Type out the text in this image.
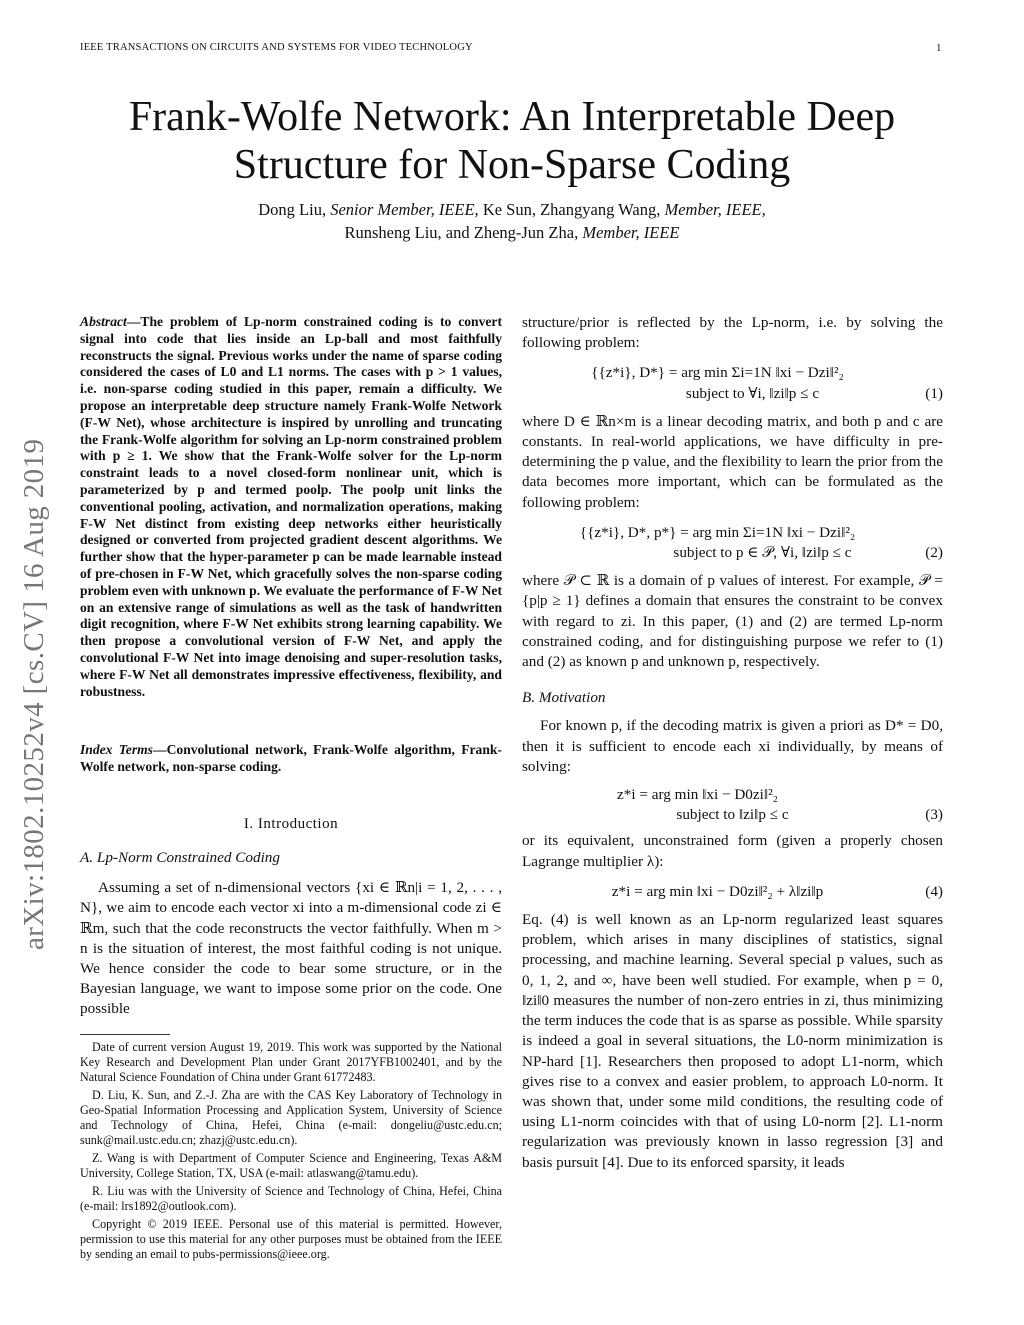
IEEE TRANSACTIONS ON CIRCUITS AND SYSTEMS FOR VIDEO TECHNOLOGY	1
Frank-Wolfe Network: An Interpretable Deep
Structure for Non-Sparse Coding
Dong Liu, Senior Member, IEEE, Ke Sun, Zhangyang Wang, Member, IEEE,
Runsheng Liu, and Zheng-Jun Zha, Member, IEEE
arXiv:1802.10252v4 [cs.CV] 16 Aug 2019
Abstract—The problem of Lp-norm constrained coding is to convert signal into code that lies inside an Lp-ball and most faithfully reconstructs the signal. Previous works under the name of sparse coding considered the cases of L0 and L1 norms. The cases with p > 1 values, i.e. non-sparse coding studied in this paper, remain a difficulty. We propose an interpretable deep structure namely Frank-Wolfe Network (F-W Net), whose architecture is inspired by unrolling and truncating the Frank-Wolfe algorithm for solving an Lp-norm constrained problem with p ≥ 1. We show that the Frank-Wolfe solver for the Lp-norm constraint leads to a novel closed-form nonlinear unit, which is parameterized by p and termed poolp. The poolp unit links the conventional pooling, activation, and normalization operations, making F-W Net distinct from existing deep networks either heuristically designed or converted from projected gradient descent algorithms. We further show that the hyper-parameter p can be made learnable instead of pre-chosen in F-W Net, which gracefully solves the non-sparse coding problem even with unknown p. We evaluate the performance of F-W Net on an extensive range of simulations as well as the task of handwritten digit recognition, where F-W Net exhibits strong learning capability. We then propose a convolutional version of F-W Net, and apply the convolutional F-W Net into image denoising and super-resolution tasks, where F-W Net all demonstrates impressive effectiveness, flexibility, and robustness.
Index Terms—Convolutional network, Frank-Wolfe algorithm, Frank-Wolfe network, non-sparse coding.
I. Introduction
A. Lp-Norm Constrained Coding

Assuming a set of n-dimensional vectors {xi ∈ ℝn|i = 1, 2, . . . , N}, we aim to encode each vector xi into a m-dimensional code zi ∈ ℝm, such that the code reconstructs the vector faithfully. When m > n is the situation of interest, the most faithful coding is not unique. We hence consider the code to bear some structure, or in the Bayesian language, we want to impose some prior on the code. One possible

Date of current version August 19, 2019. This work was supported by the National Key Research and Development Plan under Grant 2017YFB1002401, and by the Natural Science Foundation of China under Grant 61772483.

D. Liu, K. Sun, and Z.-J. Zha are with the CAS Key Laboratory of Technology in Geo-Spatial Information Processing and Application System, University of Science and Technology of China, Hefei, China (e-mail: dongeliu@ustc.edu.cn; sunk@mail.ustc.edu.cn; zhazj@ustc.edu.cn).

Z. Wang is with Department of Computer Science and Engineering, Texas A&M University, College Station, TX, USA (e-mail: atlaswang@tamu.edu).

R. Liu was with the University of Science and Technology of China, Hefei, China (e-mail: lrs1892@outlook.com).

Copyright © 2019 IEEE. Personal use of this material is permitted. However, permission to use this material for any other purposes must be obtained from the IEEE by sending an email to pubs-permissions@ieee.org.

structure/prior is reflected by the Lp-norm, i.e. by solving the following problem:

{{z*i}, D*} = arg min Σi=1N ‖xi − Dzi‖²₂
subject to ∀i, ‖zi‖p ≤ c	(1)

where D ∈ ℝn×m is a linear decoding matrix, and both p and c are constants. In real-world applications, we have difficulty in pre-determining the p value, and the flexibility to learn the prior from the data becomes more important, which can be formulated as the following problem:

{{z*i}, D*, p*} = arg min Σi=1N ‖xi − Dzi‖²₂
subject to p ∈ 𝒫, ∀i, ‖zi‖p ≤ c	(2)

where 𝒫 ⊂ ℝ is a domain of p values of interest. For example, 𝒫 = {p|p ≥ 1} defines a domain that ensures the constraint to be convex with regard to zi. In this paper, (1) and (2) are termed Lp-norm constrained coding, and for distinguishing purpose we refer to (1) and (2) as known p and unknown p, respectively.

B. Motivation

For known p, if the decoding matrix is given a priori as D* = D0, then it is sufficient to encode each xi individually, by means of solving:

z*i = arg min ‖xi − D0zi‖²₂
subject to ‖zi‖p ≤ c	(3)

or its equivalent, unconstrained form (given a properly chosen Lagrange multiplier λ):

z*i = arg min ‖xi − D0zi‖²₂ + λ‖zi‖p	(4)

Eq. (4) is well known as an Lp-norm regularized least squares problem, which arises in many disciplines of statistics, signal processing, and machine learning. Several special p values, such as 0, 1, 2, and ∞, have been well studied. For example, when p = 0, ‖zi‖0 measures the number of non-zero entries in zi, thus minimizing the term induces the code that is as sparse as possible. While sparsity is indeed a goal in several situations, the L0-norm minimization is NP-hard [1]. Researchers then proposed to adopt L1-norm, which gives rise to a convex and easier problem, to approach L0-norm. It was shown that, under some mild conditions, the resulting code of using L1-norm coincides with that of using L0-norm [2]. L1-norm regularization was previously known in lasso regression [3] and basis pursuit [4]. Due to its enforced sparsity, it leads
